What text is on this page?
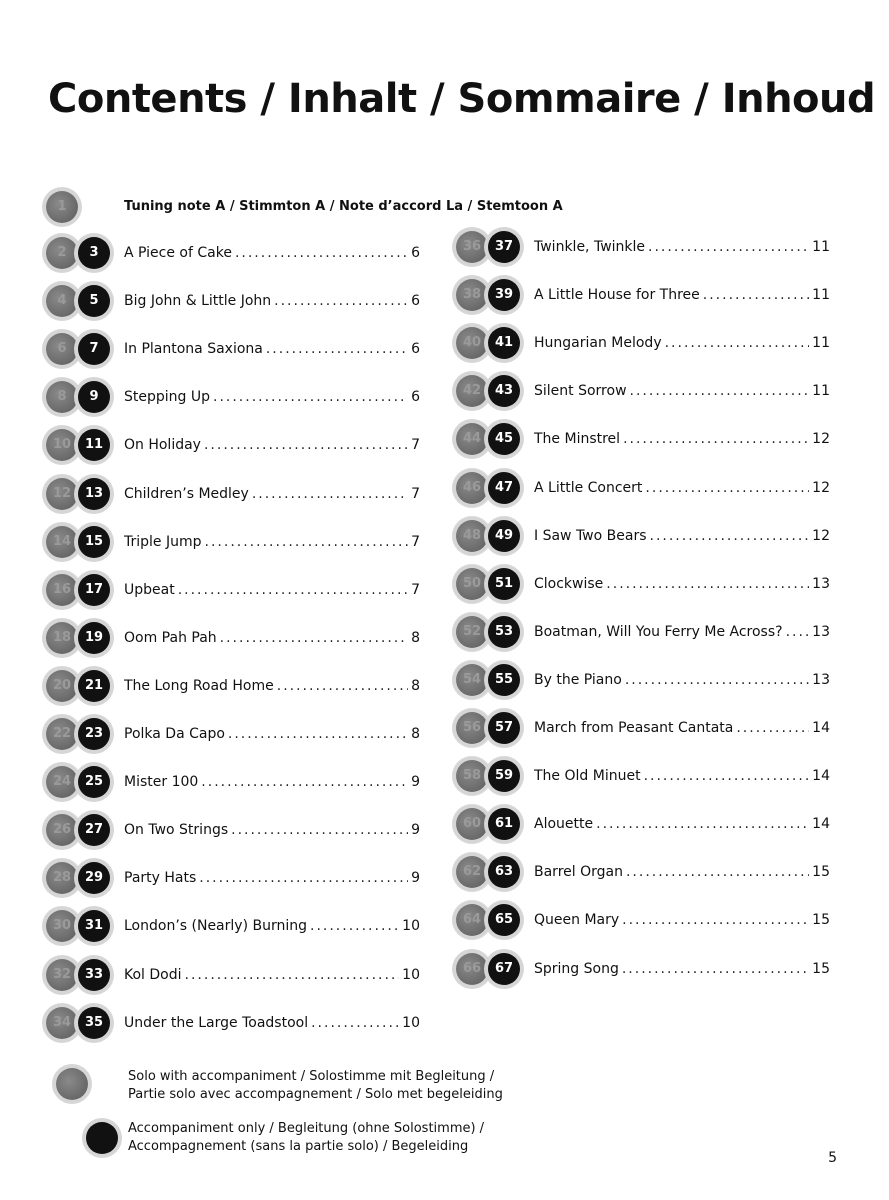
Contents / Inhalt / Sommaire / Inhoud
1	Tuning note A / Stimmton A / Note d’accord La / Stemtoon A
2	3	A Piece of Cake .....	6
4	5	Big John & Little John .....	6
6	7	In Plantona Saxiona .....	6
8	9	Stepping Up .....	6
10	11	On Holiday .....	7
12	13	Children’s Medley .....	7
14	15	Triple Jump .....	7
16	17	Upbeat .....	7
18	19	Oom Pah Pah .....	8
20	21	The Long Road Home .....	8
22	23	Polka Da Capo .....	8
24	25	Mister 100 .....	9
26	27	On Two Strings .....	9
28	29	Party Hats .....	9
30	31	London’s (Nearly) Burning .....	10
32	33	Kol Dodi .....	10
34	35	Under the Large Toadstool .....	10
36	37	Twinkle, Twinkle .....	11
38	39	A Little House for Three .....	11
40	41	Hungarian Melody .....	11
42	43	Silent Sorrow .....	11
44	45	The Minstrel .....	12
46	47	A Little Concert .....	12
48	49	I Saw Two Bears .....	12
50	51	Clockwise .....	13
52	53	Boatman, Will You Ferry Me Across? ..... 13
54	55	By the Piano .....	13
56	57	March from Peasant Cantata .....	14
58	59	The Old Minuet .....	14
60	61	Alouette .....	14
62	63	Barrel Organ .....	15
64	65	Queen Mary .....	15
66	67	Spring Song .....	15
Solo with accompaniment / Solostimme mit Begleitung /
Partie solo avec accompagnement / Solo met begeleiding
Accompaniment only / Begleitung (ohne Solostimme) /
Accompagnement (sans la partie solo) / Begeleiding
5
